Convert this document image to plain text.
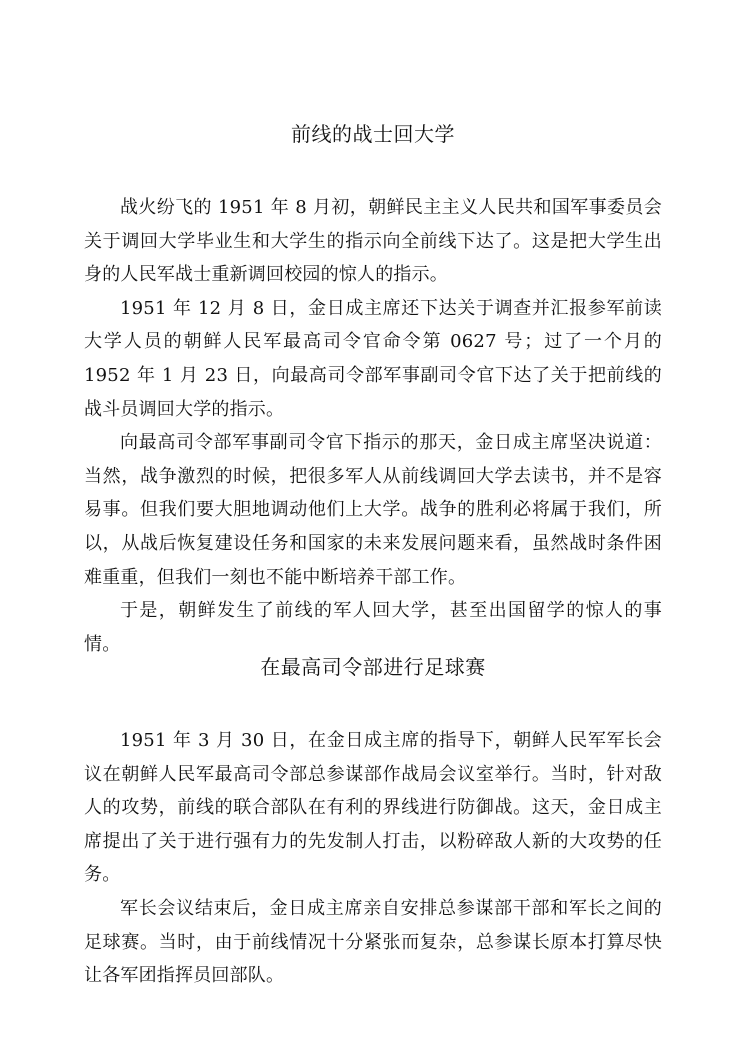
前线的战士回大学

战火纷飞的 1951 年 8 月初，朝鲜民主主义人民共和国军事委员会关于调回大学毕业生和大学生的指示向全前线下达了。这是把大学生出身的人民军战士重新调回校园的惊人的指示。

1951 年 12 月 8 日，金日成主席还下达关于调查并汇报参军前读大学人员的朝鲜人民军最高司令官命令第 0627 号；过了一个月的 1952 年 1 月 23 日，向最高司令部军事副司令官下达了关于把前线的战斗员调回大学的指示。

向最高司令部军事副司令官下指示的那天，金日成主席坚决说道：当然，战争激烈的时候，把很多军人从前线调回大学去读书，并不是容易事。但我们要大胆地调动他们上大学。战争的胜利必将属于我们，所以，从战后恢复建设任务和国家的未来发展问题来看，虽然战时条件困难重重，但我们一刻也不能中断培养干部工作。

于是，朝鲜发生了前线的军人回大学，甚至出国留学的惊人的事情。

在最高司令部进行足球赛

1951 年 3 月 30 日，在金日成主席的指导下，朝鲜人民军军长会议在朝鲜人民军最高司令部总参谋部作战局会议室举行。当时，针对敌人的攻势，前线的联合部队在有利的界线进行防御战。这天，金日成主席提出了关于进行强有力的先发制人打击，以粉碎敌人新的大攻势的任务。

军长会议结束后，金日成主席亲自安排总参谋部干部和军长之间的足球赛。当时，由于前线情况十分紧张而复杂，总参谋长原本打算尽快让各军团指挥员回部队。
